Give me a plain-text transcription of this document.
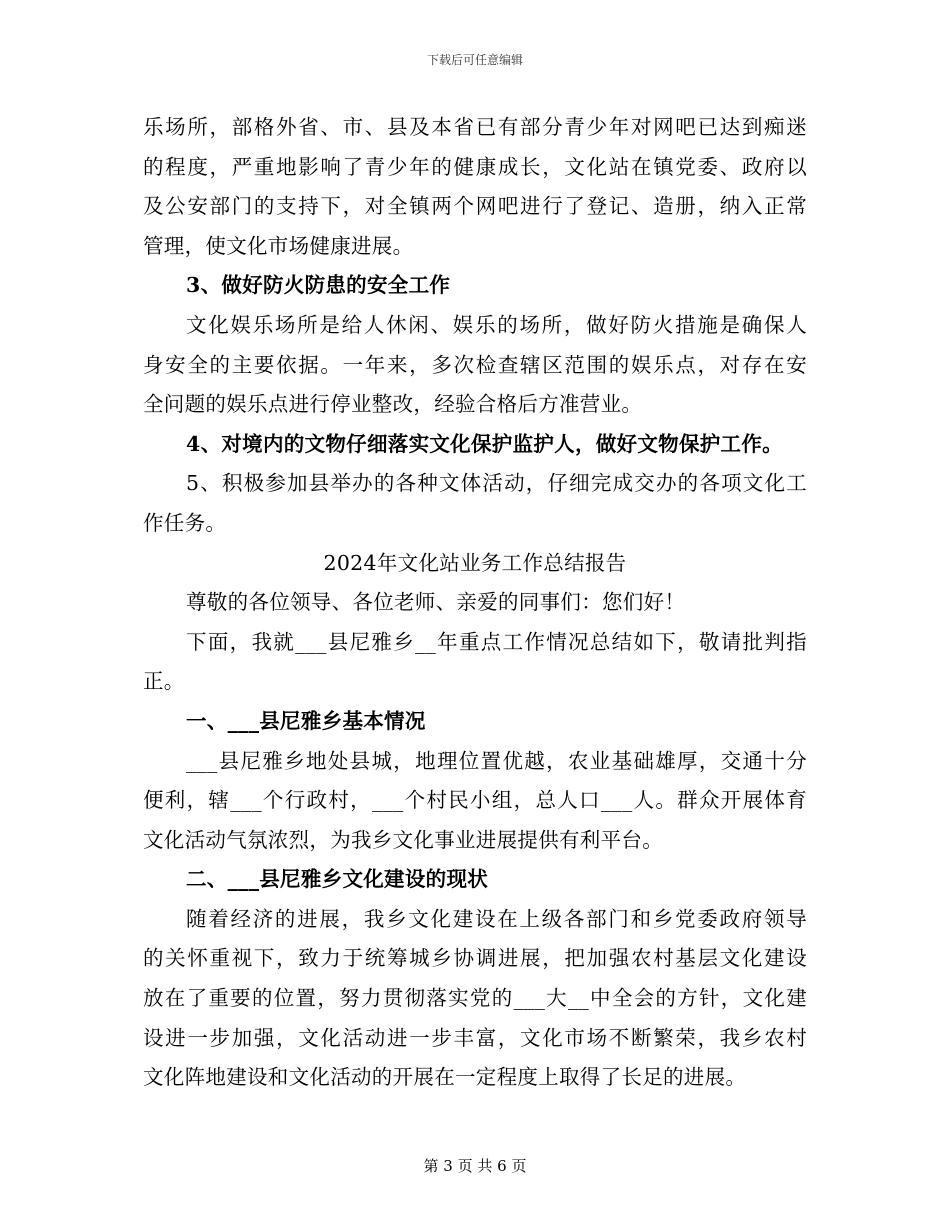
下载后可任意编辑
乐场所，部格外省、市、县及本省已有部分青少年对网吧已达到痴迷
的程度，严重地影响了青少年的健康成长，文化站在镇党委、政府以
及公安部门的支持下，对全镇两个网吧进行了登记、造册，纳入正常
管理，使文化市场健康进展。
3、做好防火防患的安全工作
文化娱乐场所是给人休闲、娱乐的场所，做好防火措施是确保人
身安全的主要依据。一年来，多次检查辖区范围的娱乐点，对存在安
全问题的娱乐点进行停业整改，经验合格后方准营业。
4、对境内的文物仔细落实文化保护监护人，做好文物保护工作。
5、积极参加县举办的各种文体活动，仔细完成交办的各项文化工
作任务。
2024年文化站业务工作总结报告
尊敬的各位领导、各位老师、亲爱的同事们：您们好！
下面，我就___县尼雅乡__年重点工作情况总结如下，敬请批判指
正。
一、___县尼雅乡基本情况
___县尼雅乡地处县城，地理位置优越，农业基础雄厚，交通十分
便利，辖___个行政村，___个村民小组，总人口___人。群众开展体育
文化活动气氛浓烈，为我乡文化事业进展提供有利平台。
二、___县尼雅乡文化建设的现状
随着经济的进展，我乡文化建设在上级各部门和乡党委政府领导
的关怀重视下，致力于统筹城乡协调进展，把加强农村基层文化建设
放在了重要的位置，努力贯彻落实党的___大__中全会的方针，文化建
设进一步加强，文化活动进一步丰富，文化市场不断繁荣，我乡农村
文化阵地建设和文化活动的开展在一定程度上取得了长足的进展。
第 3 页 共 6 页
